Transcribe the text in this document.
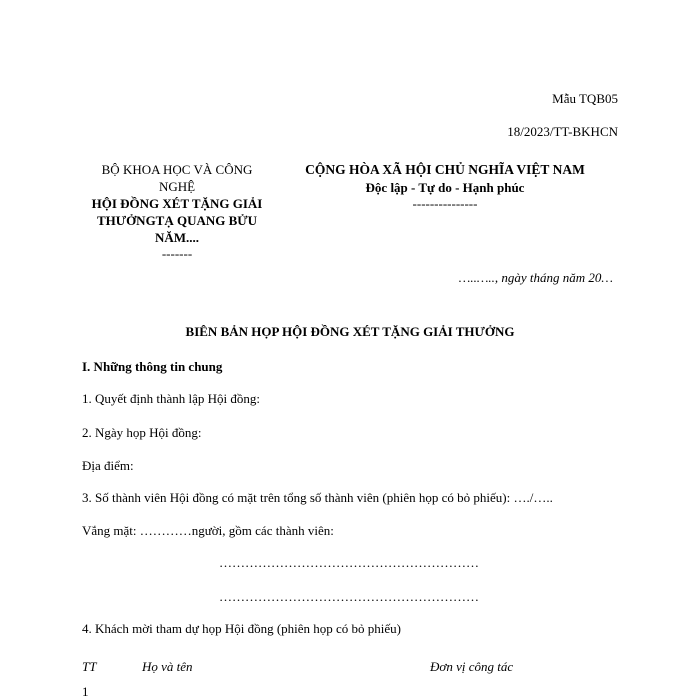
Mẫu TQB05
18/2023/TT-BKHCN
BỘ KHOA HỌC VÀ CÔNG NGHỆ
HỘI ĐỒNG XÉT TẶNG GIẢI THƯỞNGTẠ QUANG BỬU NĂM....
-------
CỘNG HÒA XÃ HỘI CHỦ NGHĨA VIỆT NAM
Độc lập - Tự do - Hạnh phúc
---------------
…..….., ngày tháng năm 20…
BIÊN BẢN HỌP HỘI ĐỒNG XÉT TẶNG GIẢI THƯỞNG
I. Những thông tin chung
1. Quyết định thành lập Hội đồng:
2. Ngày họp Hội đồng:
Địa điểm:
3. Số thành viên Hội đồng có mặt trên tổng số thành viên (phiên họp có bỏ phiếu): …./…..
Vắng mặt: …………người, gồm các thành viên:
……………………………………………………
……………………………………………………
4. Khách mời tham dự họp Hội đồng (phiên họp có bỏ phiếu)
TT	Họ và tên	Đơn vị công tác
1
